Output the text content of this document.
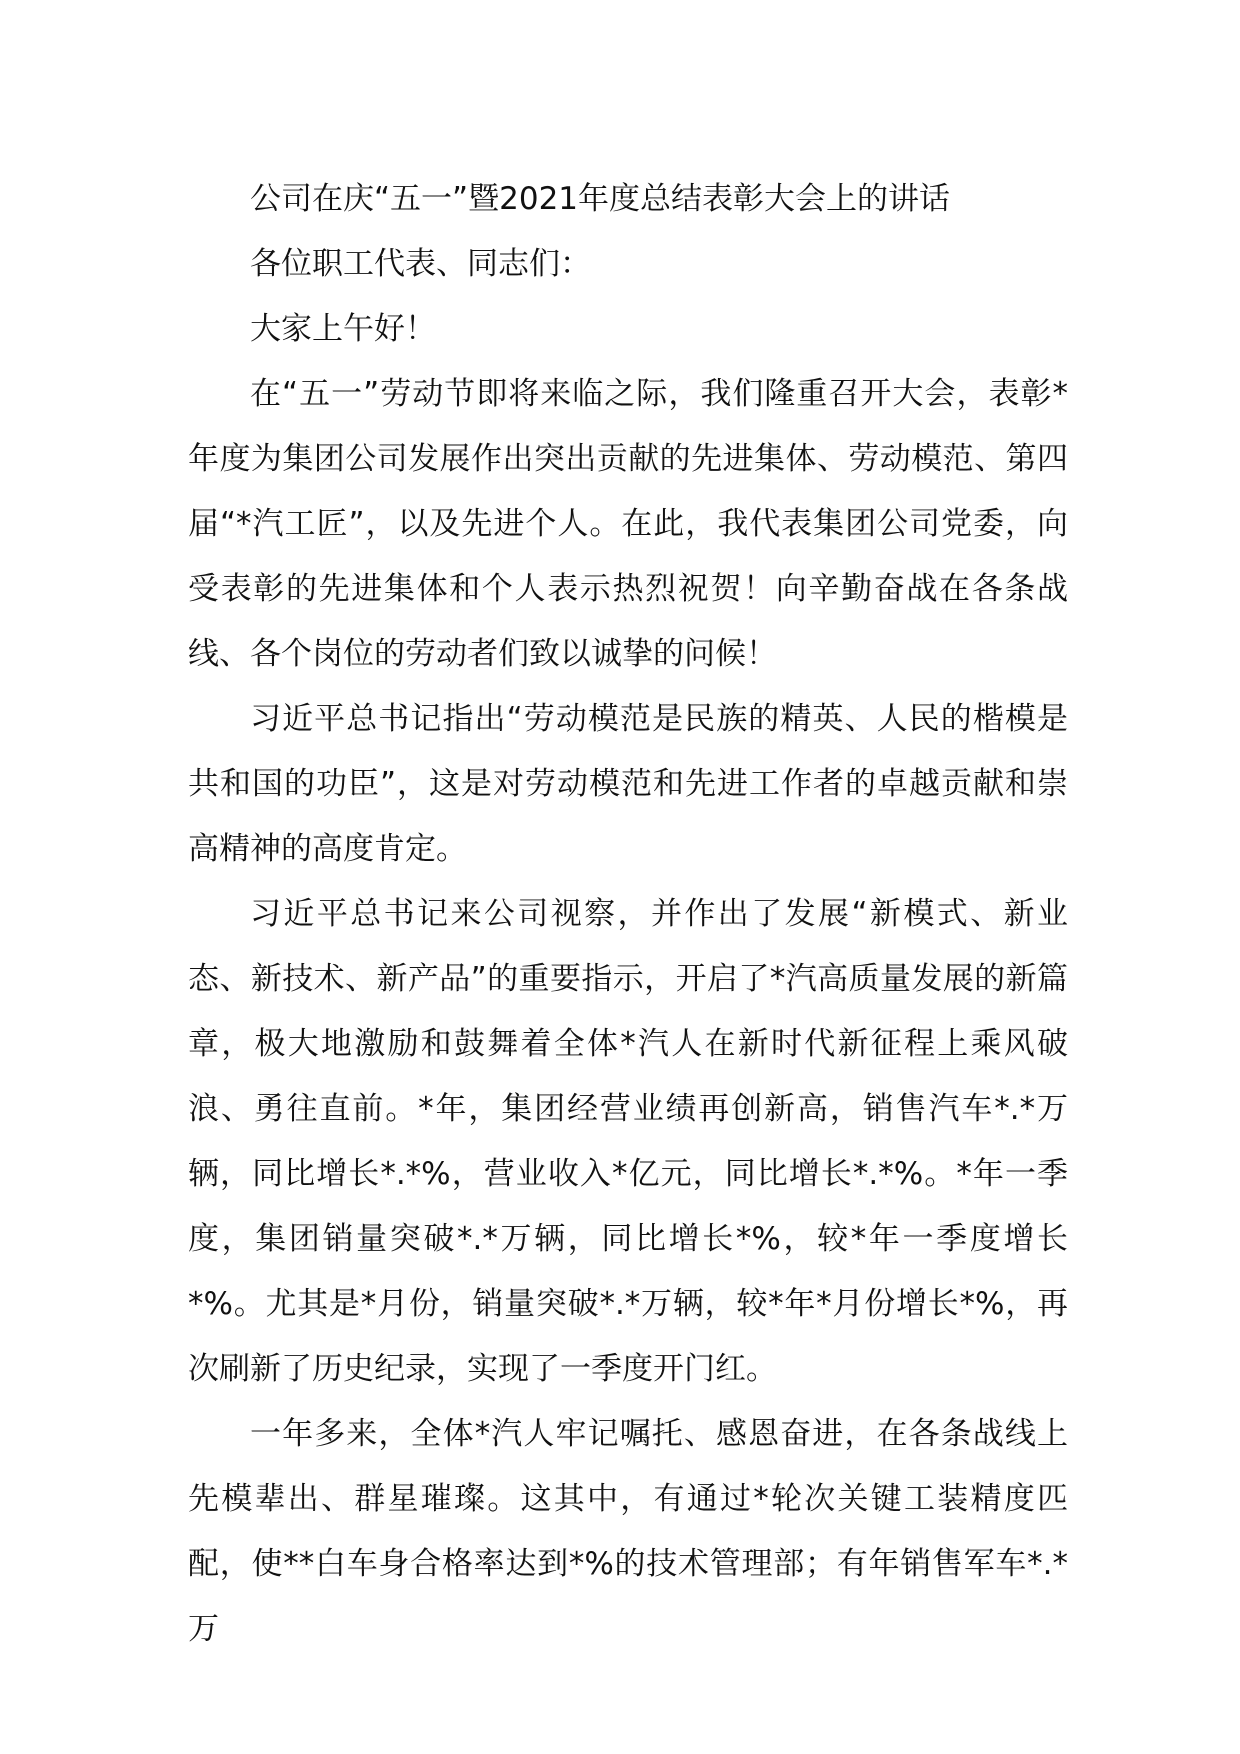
公司在庆“五一”暨2021年度总结表彰大会上的讲话

各位职工代表、同志们：

大家上午好！

在“五一”劳动节即将来临之际，我们隆重召开大会，表彰*年度为集团公司发展作出突出贡献的先进集体、劳动模范、第四届“*汽工匠”，以及先进个人。在此，我代表集团公司党委，向受表彰的先进集体和个人表示热烈祝贺！向辛勤奋战在各条战线、各个岗位的劳动者们致以诚挚的问候！

习近平总书记指出“劳动模范是民族的精英、人民的楷模是共和国的功臣”，这是对劳动模范和先进工作者的卓越贡献和崇高精神的高度肯定。

习近平总书记来公司视察，并作出了发展“新模式、新业态、新技术、新产品”的重要指示，开启了*汽高质量发展的新篇章，极大地激励和鼓舞着全体*汽人在新时代新征程上乘风破浪、勇往直前。*年，集团经营业绩再创新高，销售汽车*.*万辆，同比增长*.*%，营业收入*亿元，同比增长*.*%。*年一季度，集团销量突破*.*万辆，同比增长*%，较*年一季度增长*%。尤其是*月份，销量突破*.*万辆，较*年*月份增长*%，再次刷新了历史纪录，实现了一季度开门红。

一年多来，全体*汽人牢记嘱托、感恩奋进，在各条战线上先模辈出、群星璀璨。这其中，有通过*轮次关键工装精度匹配，使**白车身合格率达到*%的技术管理部；有年销售军车*.*万
